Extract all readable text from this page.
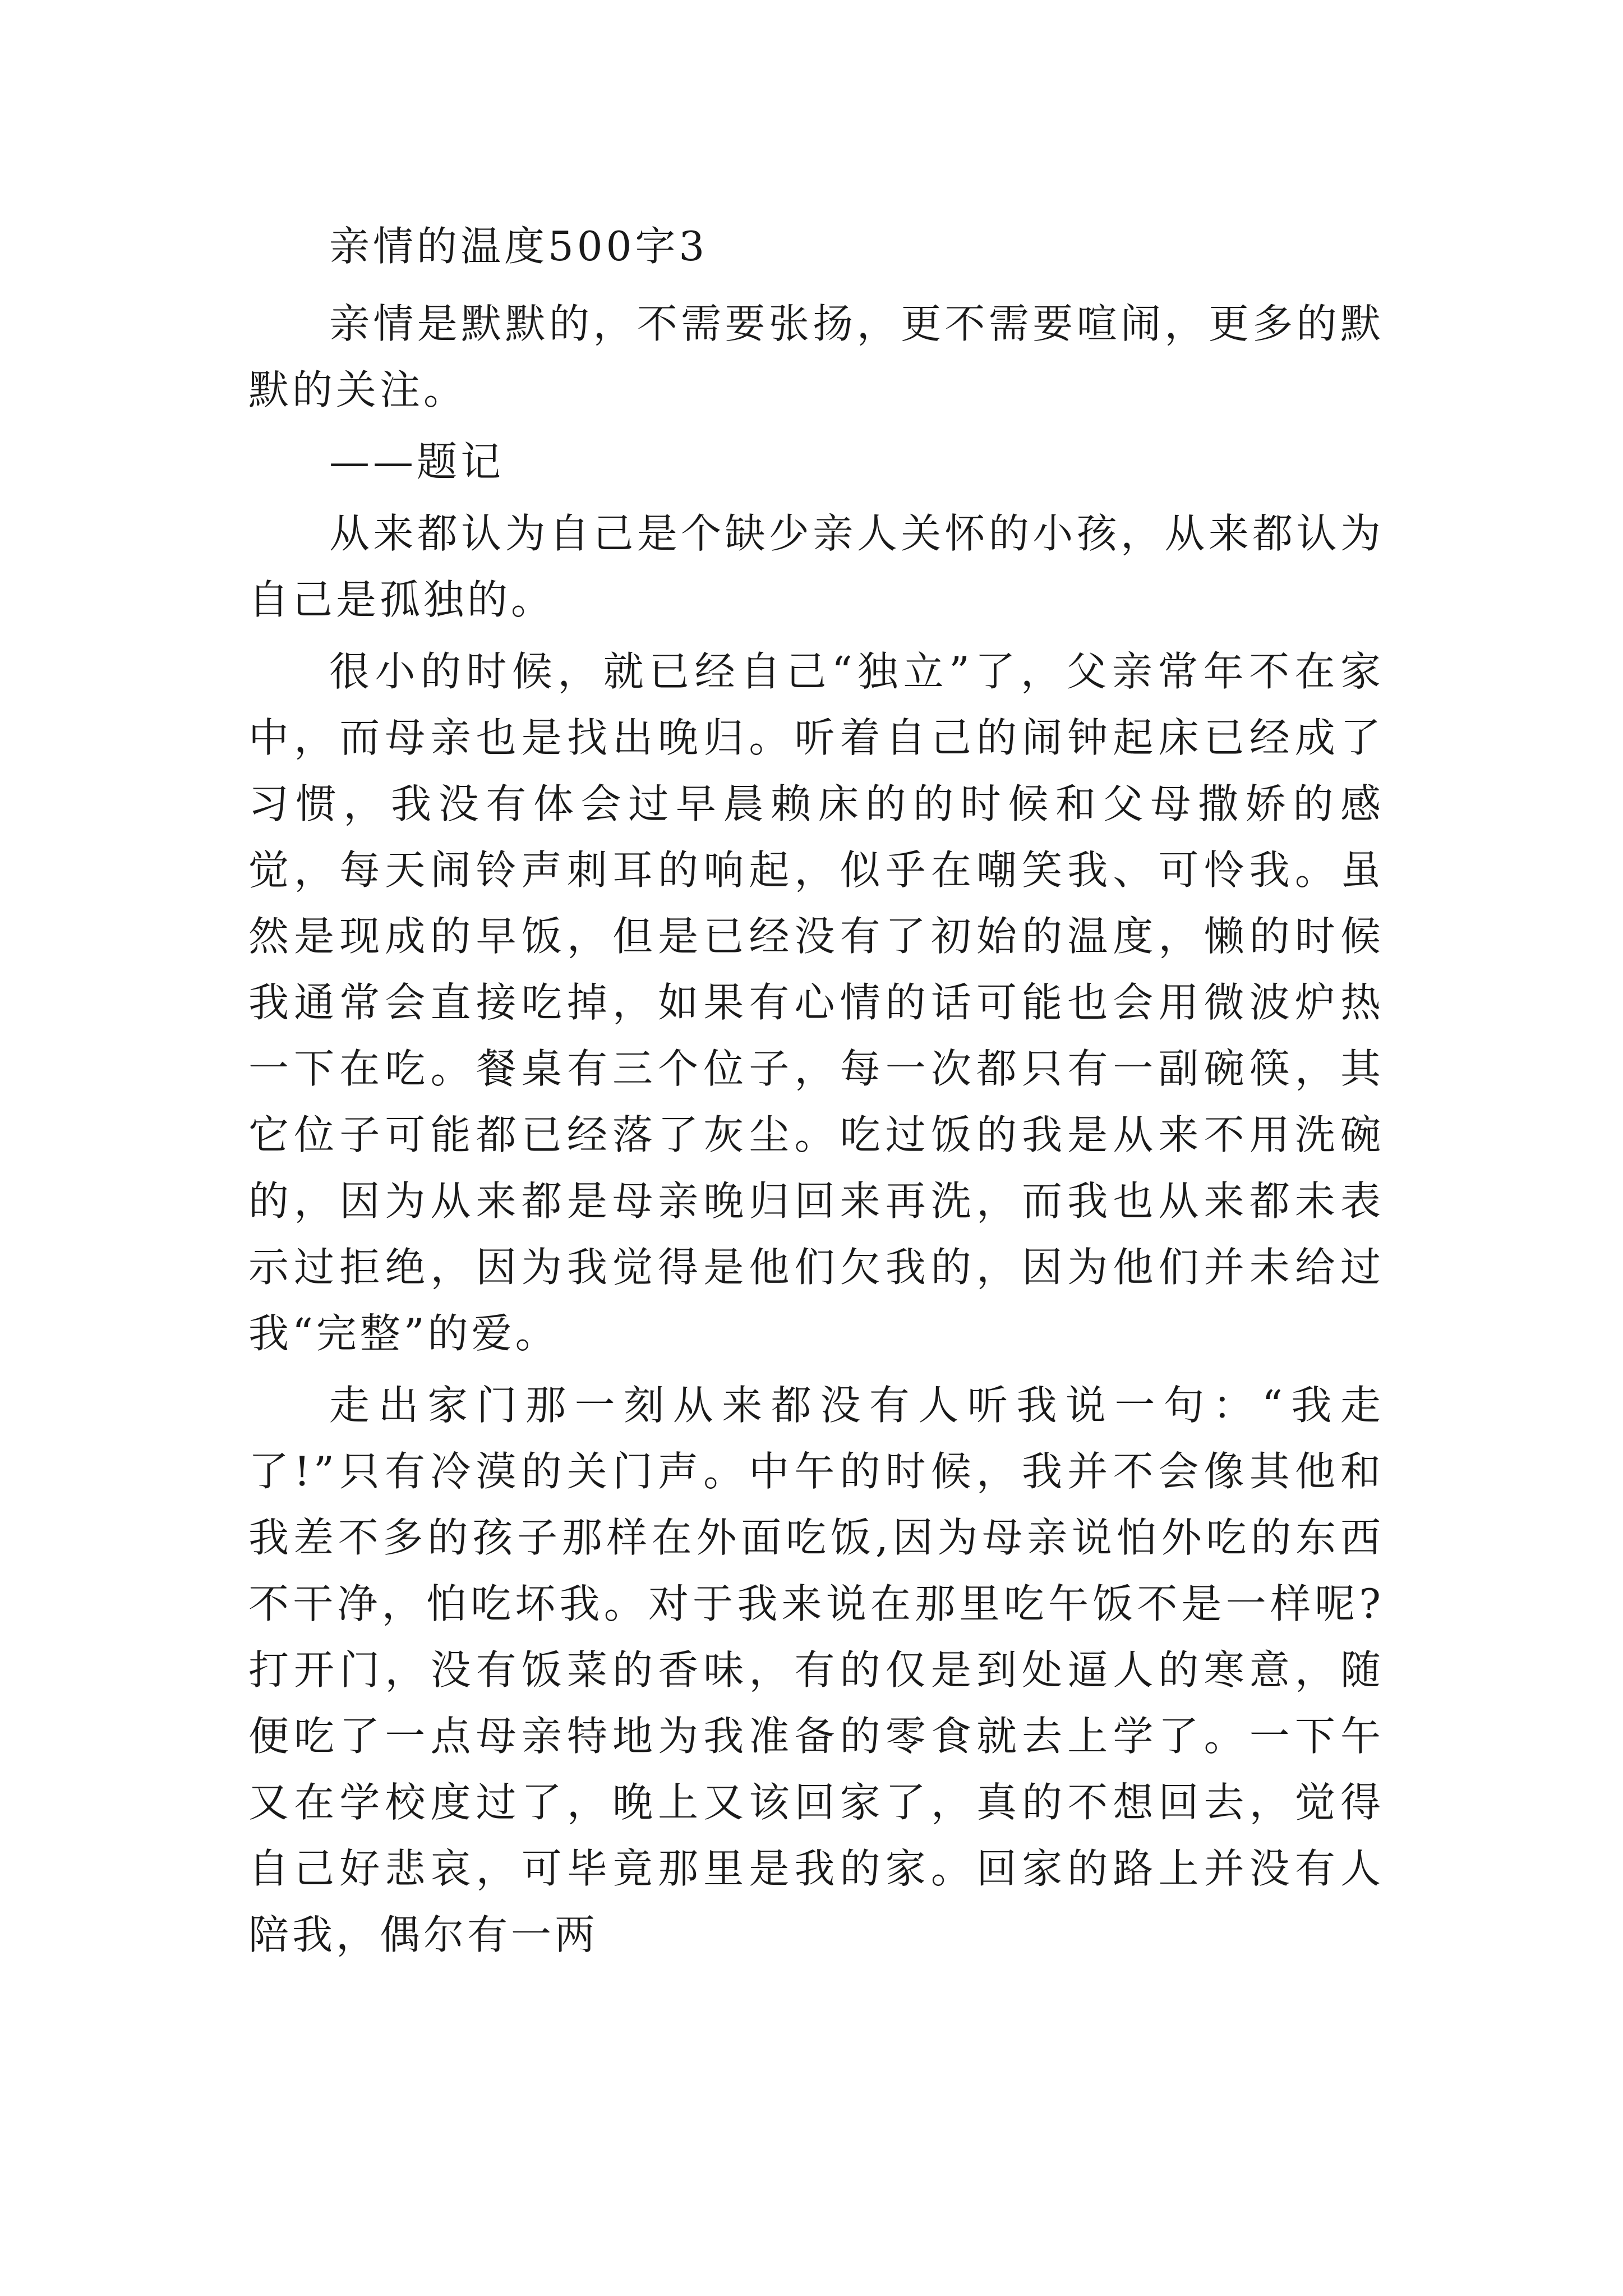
亲情的温度500字3

亲情是默默的，不需要张扬，更不需要喧闹，更多的默默的关注。

——题记

从来都认为自己是个缺少亲人关怀的小孩，从来都认为自己是孤独的。

很小的时候，就已经自己“独立”了，父亲常年不在家中，而母亲也是找出晚归。听着自己的闹钟起床已经成了习惯，我没有体会过早晨赖床的的时候和父母撒娇的感觉，每天闹铃声刺耳的响起，似乎在嘲笑我、可怜我。虽然是现成的早饭，但是已经没有了初始的温度，懒的时候我通常会直接吃掉，如果有心情的话可能也会用微波炉热一下在吃。餐桌有三个位子，每一次都只有一副碗筷，其它位子可能都已经落了灰尘。吃过饭的我是从来不用洗碗的，因为从来都是母亲晚归回来再洗，而我也从来都未表示过拒绝，因为我觉得是他们欠我的，因为他们并未给过我“完整”的爱。

走出家门那一刻从来都没有人听我说一句：“我走了!”只有冷漠的关门声。中午的时候，我并不会像其他和我差不多的孩子那样在外面吃饭,因为母亲说怕外吃的东西不干净，怕吃坏我。对于我来说在那里吃午饭不是一样呢?打开门，没有饭菜的香味，有的仅是到处逼人的寒意，随便吃了一点母亲特地为我准备的零食就去上学了。一下午又在学校度过了，晚上又该回家了，真的不想回去，觉得自己好悲哀，可毕竟那里是我的家。回家的路上并没有人陪我，偶尔有一两
